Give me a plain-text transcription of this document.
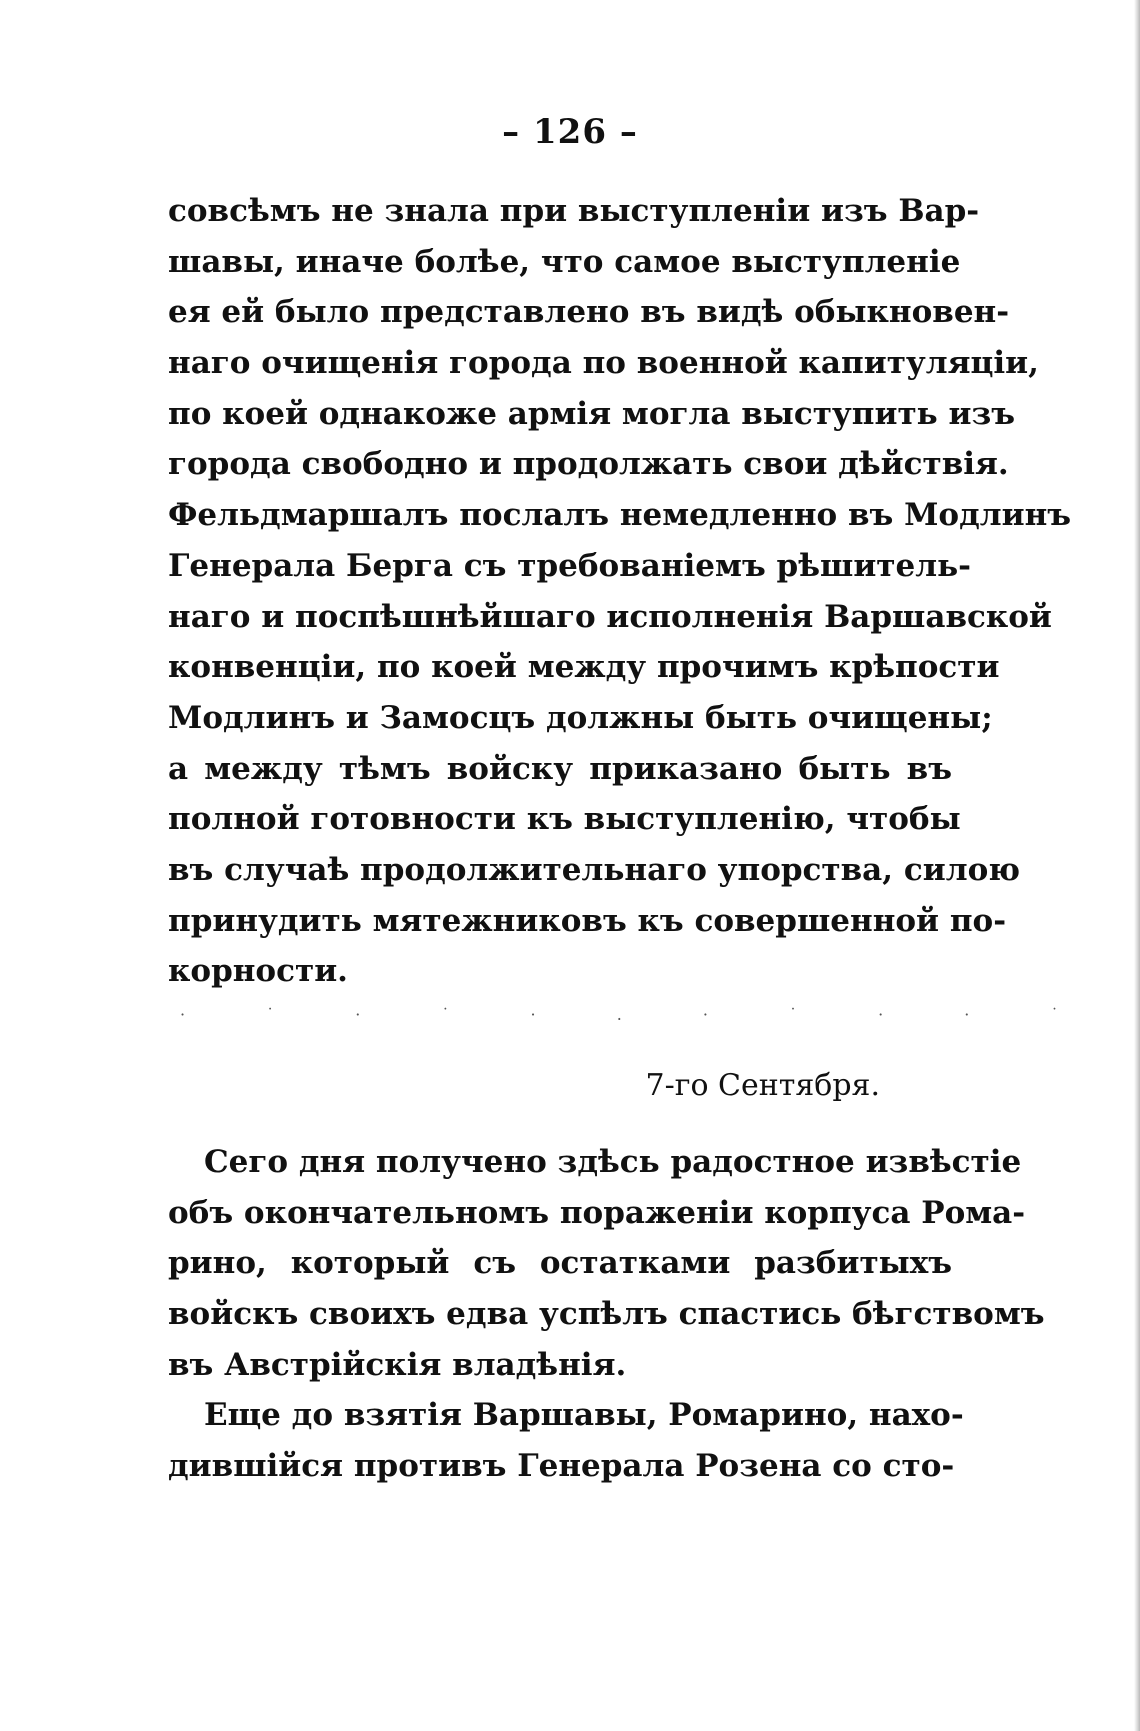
– 126 –
совсѣмъ не знала при выступленіи изъ Вар-
шавы, иначе болѣе, что самое выступленіе
ея ей было представлено въ видѣ обыкновен-
наго очищенія города по военной капитуляціи,
по коей однакоже армія могла выступить изъ
города свободно и продолжать свои дѣйствія.
Фельдмаршалъ послалъ немедленно въ Модлинъ
Генерала Берга съ требованіемъ рѣшитель-
наго и поспѣшнѣйшаго исполненія Варшавской
конвенціи, по коей между прочимъ крѣпости
Модлинъ и Замосцъ должны быть очищены;
а между тѣмъ войску приказано быть въ
полной готовности къ выступленію, чтобы
въ случаѣ продолжительнаго упорства, силою
принудить мятежниковъ къ совершенной по-
корности.
· ˙ · ˙ · . · ˙ · · ˙
7-го Сентября.
Сего дня получено здѣсь радостное извѣстіе
объ окончательномъ пораженіи корпуса Рома-
рино, который съ остатками разбитыхъ
войскъ своихъ едва успѣлъ спастись бѣгствомъ
въ Австрійскія владѣнія.
Еще до взятія Варшавы, Ромарино, нахо-
дившійся противъ Генерала Розена со сто-
